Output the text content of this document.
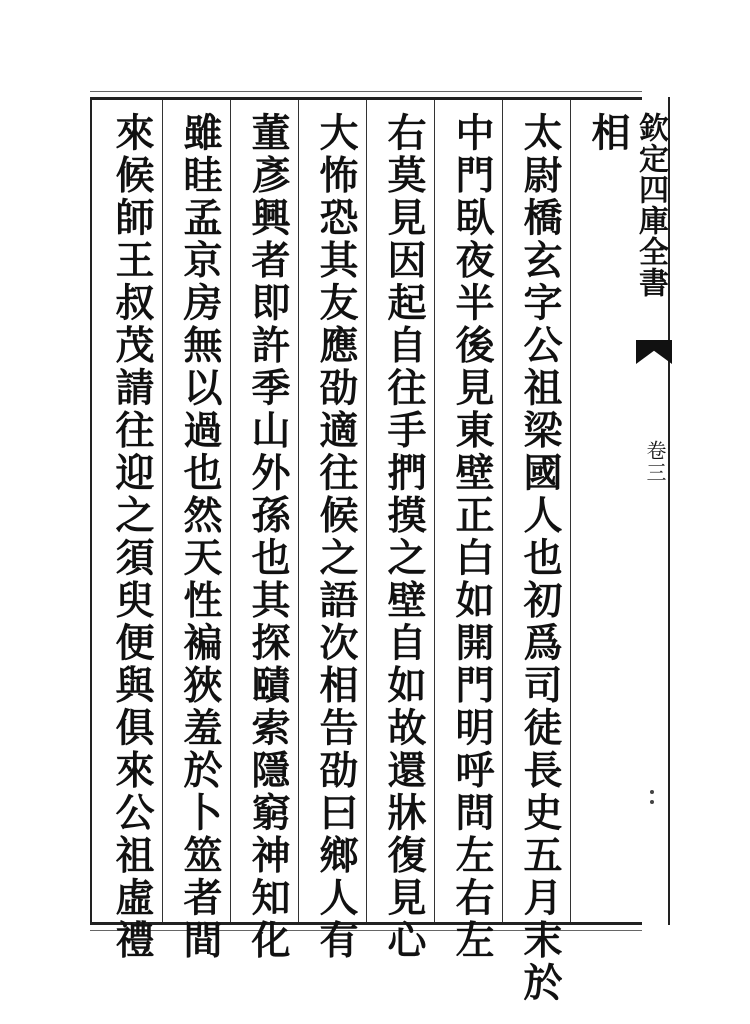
相
太尉橋玄字公祖梁國人也初爲司徒長史五月末於
中門臥夜半後見東壁正白如開門明呼問左右左
右莫見因起自往手捫摸之壁自如故還牀復見心
大怖恐其友應劭適往候之語次相告劭曰鄉人有
董彥興者即許季山外孫也其探賾索隱窮神知化
雖眭孟京房無以過也然天性褊狹羞於卜筮者間
來候師王叔茂請往迎之須臾便與俱來公祖虛禮	欽定四庫全書
卷三
